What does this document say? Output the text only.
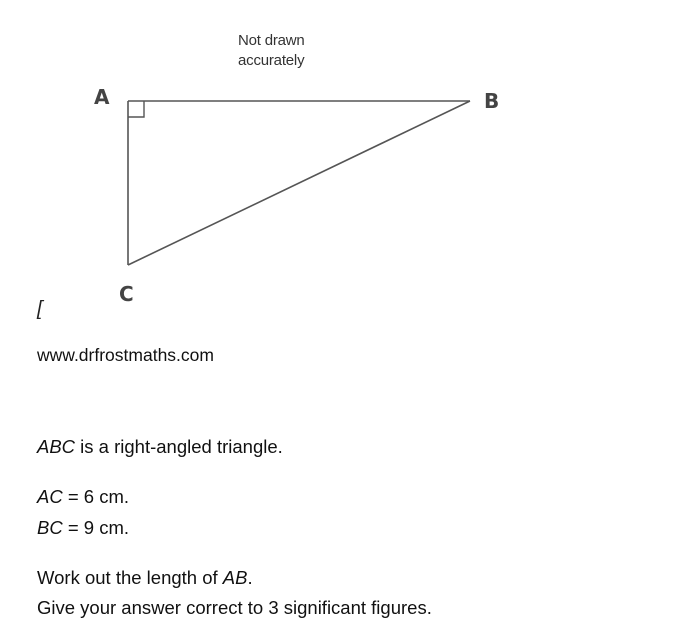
Not drawn
accurately
A	B
C
[
www.drfrostmaths.com
ABC is a right-angled triangle.
AC = 6 cm.
BC = 9 cm.
Work out the length of AB.
Give your answer correct to 3 significant figures.
